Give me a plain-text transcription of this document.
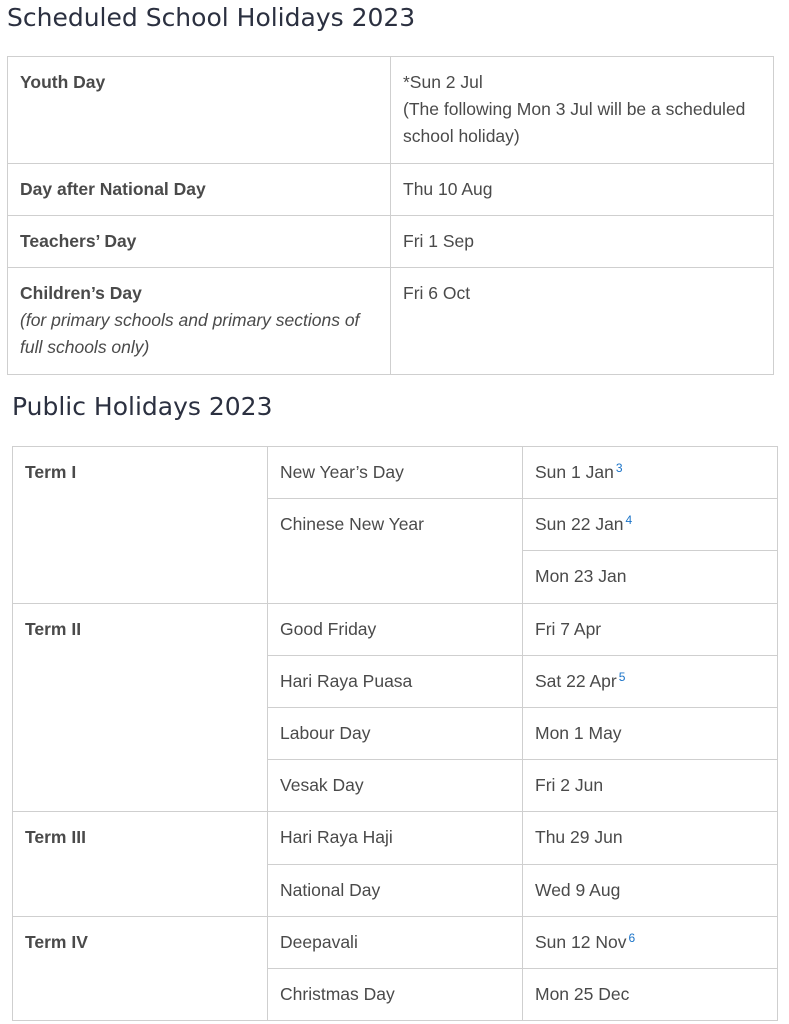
Scheduled School Holidays 2023
Youth Day	*Sun 2 Jul
(The following Mon 3 Jul will be a scheduled school holiday)

Day after National Day	Thu 10 Aug

Teachers’ Day	Fri 1 Sep

Children’s Day
(for primary schools and primary sections of full schools only)	Fri 6 Oct
Public Holidays 2023
Term I	New Year’s Day	Sun 1 Jan $^3$
	Chinese New Year	Sun 22 Jan $^4$
		Mon 23 Jan
Term II	Good Friday	Fri 7 Apr
	Hari Raya Puasa	Sat 22 Apr $^5$
	Labour Day	Mon 1 May
	Vesak Day	Fri 2 Jun
Term III	Hari Raya Haji	Thu 29 Jun
	National Day	Wed 9 Aug
Term IV	Deepavali	Sun 12 Nov $^6$
	Christmas Day	Mon 25 Dec
